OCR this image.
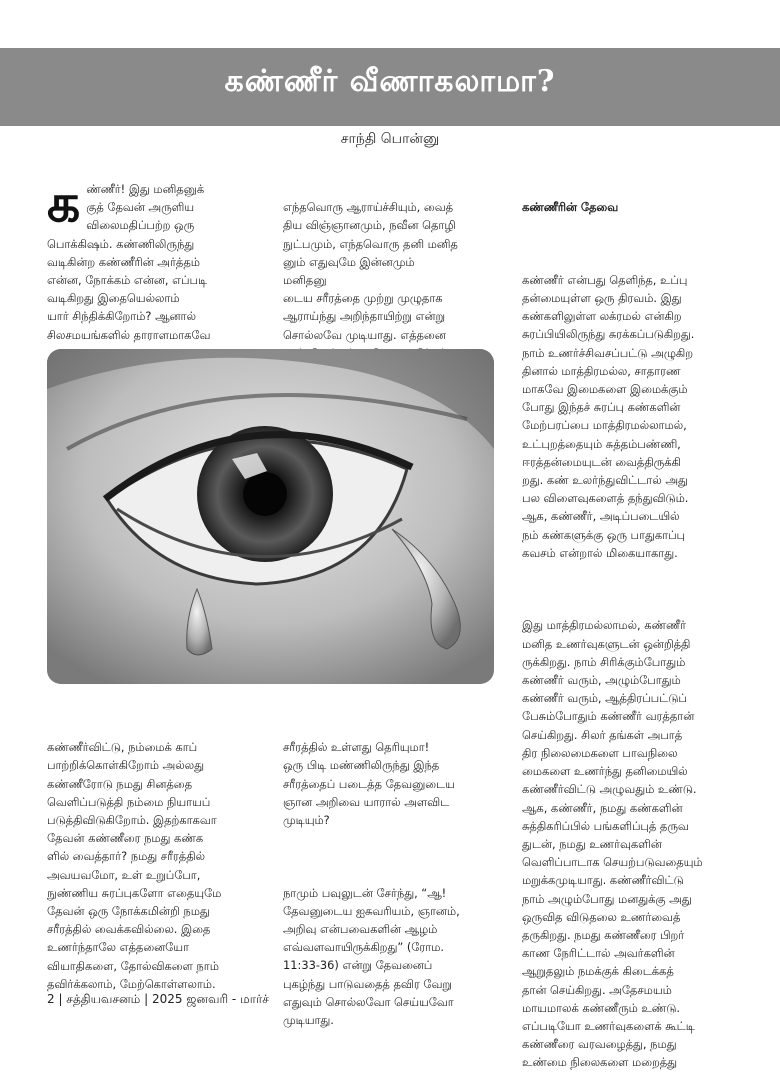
கண்ணீர் வீணாகலாமா?
சாந்தி பொன்னு
க ண்ணீர்! இது மனிதனுக்
குத் தேவன் அருளிய
விலைமதிப்பற்ற ஒரு
பொக்கிஷம். கண்ணிலிருந்து
வடிகின்ற கண்ணீரின் அர்த்தம்
என்ன, நோக்கம் என்ன, எப்படி
வடிகிறது இதையெல்லாம்
யார் சிந்திக்கிறோம்? ஆனால்
சிலசமயங்களில் தாராளமாகவே

எந்தவொரு ஆராய்ச்சியும், வைத்
திய விஞ்ஞானமும், நவீன தொழி
நுட்பமும், எந்தவொரு தனி மனித
னும் எதுவுமே இன்னமும்
மனிதனு
டைய சரீரத்தை முற்று முழுதாக
ஆராய்ந்து அறிந்தாயிற்று என்று
சொல்லவே முடியாது. எத்தனை

கண்ணீரின் தேவை

கண்ணீர் என்பது தெளிந்த, உப்பு
தன்மையுள்ள ஒரு திரவம். இது
கண்களிலுள்ள லக்ரமல் என்கிற
சுரப்பியிலிருந்து சுரக்கப்படுகிறது.
நாம் உணர்ச்சிவசப்பட்டு அழுகிற
தினால் மாத்திரமல்ல, சாதாரண
மாகவே இமைகளை இமைக்கும்
போது இந்தச் சுரப்பு கண்களின்
மேற்பரப்பை மாத்திரமல்லாமல்,
உட்புறத்தையும் சுத்தம்பண்ணி,
ஈரத்தன்மையுடன் வைத்திருக்கி
றது. கண் உலர்ந்துவிட்டால் அது
பல விளைவுகளைத் தந்துவிடும்.
ஆக, கண்ணீர், அடிப்படையில்
நம் கண்களுக்கு ஒரு பாதுகாப்பு
கவசம் என்றால் மிகையாகாது.

இது மாத்திரமல்லாமல், கண்ணீர்
மனித உணர்வுகளுடன் ஒன்றித்தி
ருக்கிறது. நாம் சிரிக்கும்போதும்
கண்ணீர் வரும், அழும்போதும்
கண்ணீர் வரும், ஆத்திரப்பட்டுப்
பேசும்போதும் கண்ணீர் வரத்தான்
செய்கிறது. சிலர் தங்கள் அபாத்
திர நிலைமைகளை பாவநிலை
மைகளை உணர்ந்து தனிமையில்
கண்ணீர்விட்டு அழுவதும் உண்டு.
ஆக, கண்ணீர், நமது கண்களின்
சுத்திகரிப்பில் பங்களிப்புத் தருவ
துடன், நமது உணர்வுகளின்
வெளிப்பாடாக செயற்படுவதையும்
மறுக்கமுடியாது. கண்ணீர்விட்டு
நாம் அழும்போது மனதுக்கு அது
ஒருவித விடுதலை உணர்வைத்
தருகிறது. நமது கண்ணீரை பிறர்
காண நேரிட்டால் அவர்களின்
ஆறுதலும் நமக்குக் கிடைக்கத்
தான் செய்கிறது. அதேசமயம்
மாயமாலக் கண்ணீரும் உண்டு.
எப்படியோ உணர்வுகளைக் கூட்டி
கண்ணீரை வரவழைத்து, நமது
உண்மை நிலைகளை மறைத்து

கண்ணீர்விட்டு, நம்மைக் காப்
பாற்றிக்கொள்கிறோம் அல்லது
கண்ணீரோடு நமது சினத்தை
வெளிப்படுத்தி நம்மை நியாயப்
படுத்திவிடுகிறோம். இதற்காகவா
தேவன் கண்ணீரை நமது கண்க
ளில் வைத்தார்? நமது சரீரத்தில்
அவயவமோ, உள் உறுப்போ,
நுண்ணிய சுரப்புகளோ எதையுமே
தேவன் ஒரு நோக்கமின்றி நமது
சரீரத்தில் வைக்கவில்லை. இதை
உணர்ந்தாலே எத்தனையோ
வியாதிகளை, தோல்விகளை நாம்
தவிர்க்கலாம், மேற்கொள்ளலாம்.

சரீரத்தில் உள்ளது தெரியுமா!
ஒரு பிடி மண்ணிலிருந்து இந்த
சரீரத்தைப் படைத்த தேவனுடைய
ஞான அறிவை யாரால் அளவிட
முடியும்?

நாமும் பவுலுடன் சேர்ந்து, “ஆ!
தேவனுடைய ஐசுவரியம், ஞானம்,
அறிவு என்பவைகளின் ஆழம்
எவ்வளவாயிருக்கிறது” (ரோம.
11:33-36) என்று தேவனைப்
புகழ்ந்து பாடுவதைத் தவிர வேறு
எதுவும் சொல்லவோ செய்யவோ
முடியாது.

2 | சத்தியவசனம் | 2025 ஜனவரி - மார்ச்
